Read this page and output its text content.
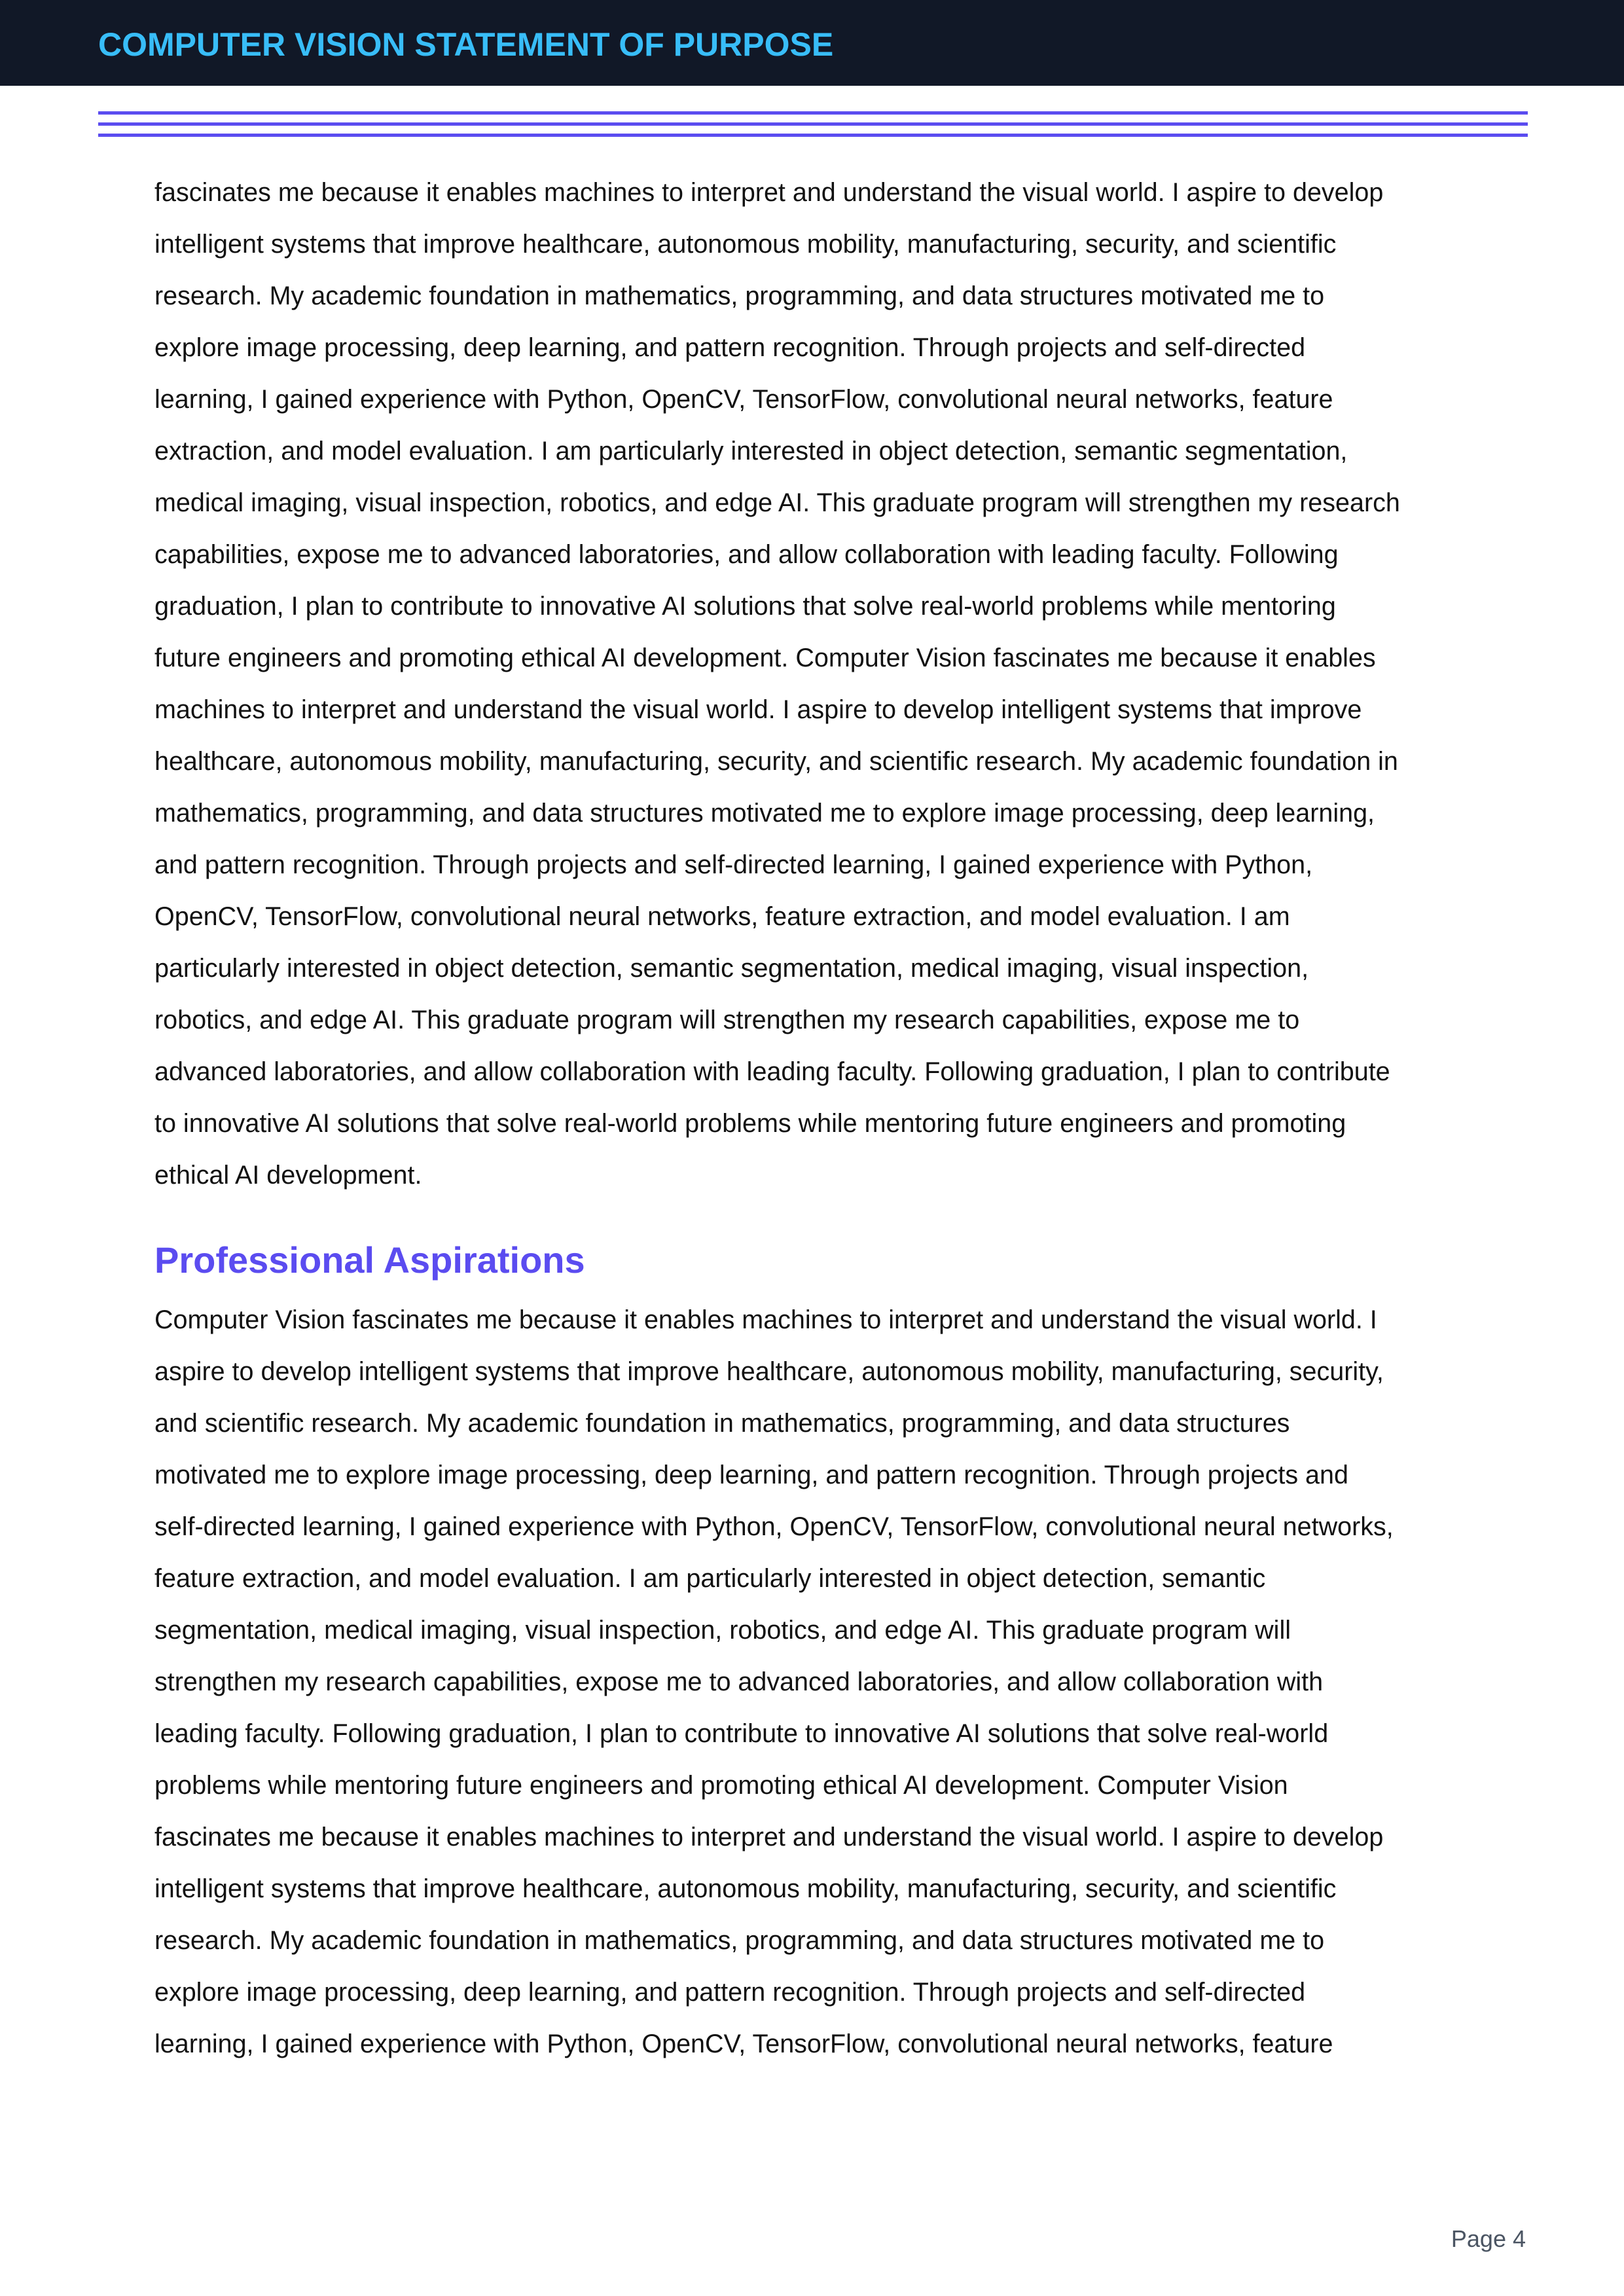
COMPUTER VISION STATEMENT OF PURPOSE
fascinates me because it enables machines to interpret and understand the visual world. I aspire to develop
intelligent systems that improve healthcare, autonomous mobility, manufacturing, security, and scientific
research. My academic foundation in mathematics, programming, and data structures motivated me to
explore image processing, deep learning, and pattern recognition. Through projects and self-directed
learning, I gained experience with Python, OpenCV, TensorFlow, convolutional neural networks, feature
extraction, and model evaluation. I am particularly interested in object detection, semantic segmentation,
medical imaging, visual inspection, robotics, and edge AI. This graduate program will strengthen my research
capabilities, expose me to advanced laboratories, and allow collaboration with leading faculty. Following
graduation, I plan to contribute to innovative AI solutions that solve real-world problems while mentoring
future engineers and promoting ethical AI development. Computer Vision fascinates me because it enables
machines to interpret and understand the visual world. I aspire to develop intelligent systems that improve
healthcare, autonomous mobility, manufacturing, security, and scientific research. My academic foundation in
mathematics, programming, and data structures motivated me to explore image processing, deep learning,
and pattern recognition. Through projects and self-directed learning, I gained experience with Python,
OpenCV, TensorFlow, convolutional neural networks, feature extraction, and model evaluation. I am
particularly interested in object detection, semantic segmentation, medical imaging, visual inspection,
robotics, and edge AI. This graduate program will strengthen my research capabilities, expose me to
advanced laboratories, and allow collaboration with leading faculty. Following graduation, I plan to contribute
to innovative AI solutions that solve real-world problems while mentoring future engineers and promoting
ethical AI development.
Professional Aspirations
Computer Vision fascinates me because it enables machines to interpret and understand the visual world. I
aspire to develop intelligent systems that improve healthcare, autonomous mobility, manufacturing, security,
and scientific research. My academic foundation in mathematics, programming, and data structures
motivated me to explore image processing, deep learning, and pattern recognition. Through projects and
self-directed learning, I gained experience with Python, OpenCV, TensorFlow, convolutional neural networks,
feature extraction, and model evaluation. I am particularly interested in object detection, semantic
segmentation, medical imaging, visual inspection, robotics, and edge AI. This graduate program will
strengthen my research capabilities, expose me to advanced laboratories, and allow collaboration with
leading faculty. Following graduation, I plan to contribute to innovative AI solutions that solve real-world
problems while mentoring future engineers and promoting ethical AI development. Computer Vision
fascinates me because it enables machines to interpret and understand the visual world. I aspire to develop
intelligent systems that improve healthcare, autonomous mobility, manufacturing, security, and scientific
research. My academic foundation in mathematics, programming, and data structures motivated me to
explore image processing, deep learning, and pattern recognition. Through projects and self-directed
learning, I gained experience with Python, OpenCV, TensorFlow, convolutional neural networks, feature
Page 4
